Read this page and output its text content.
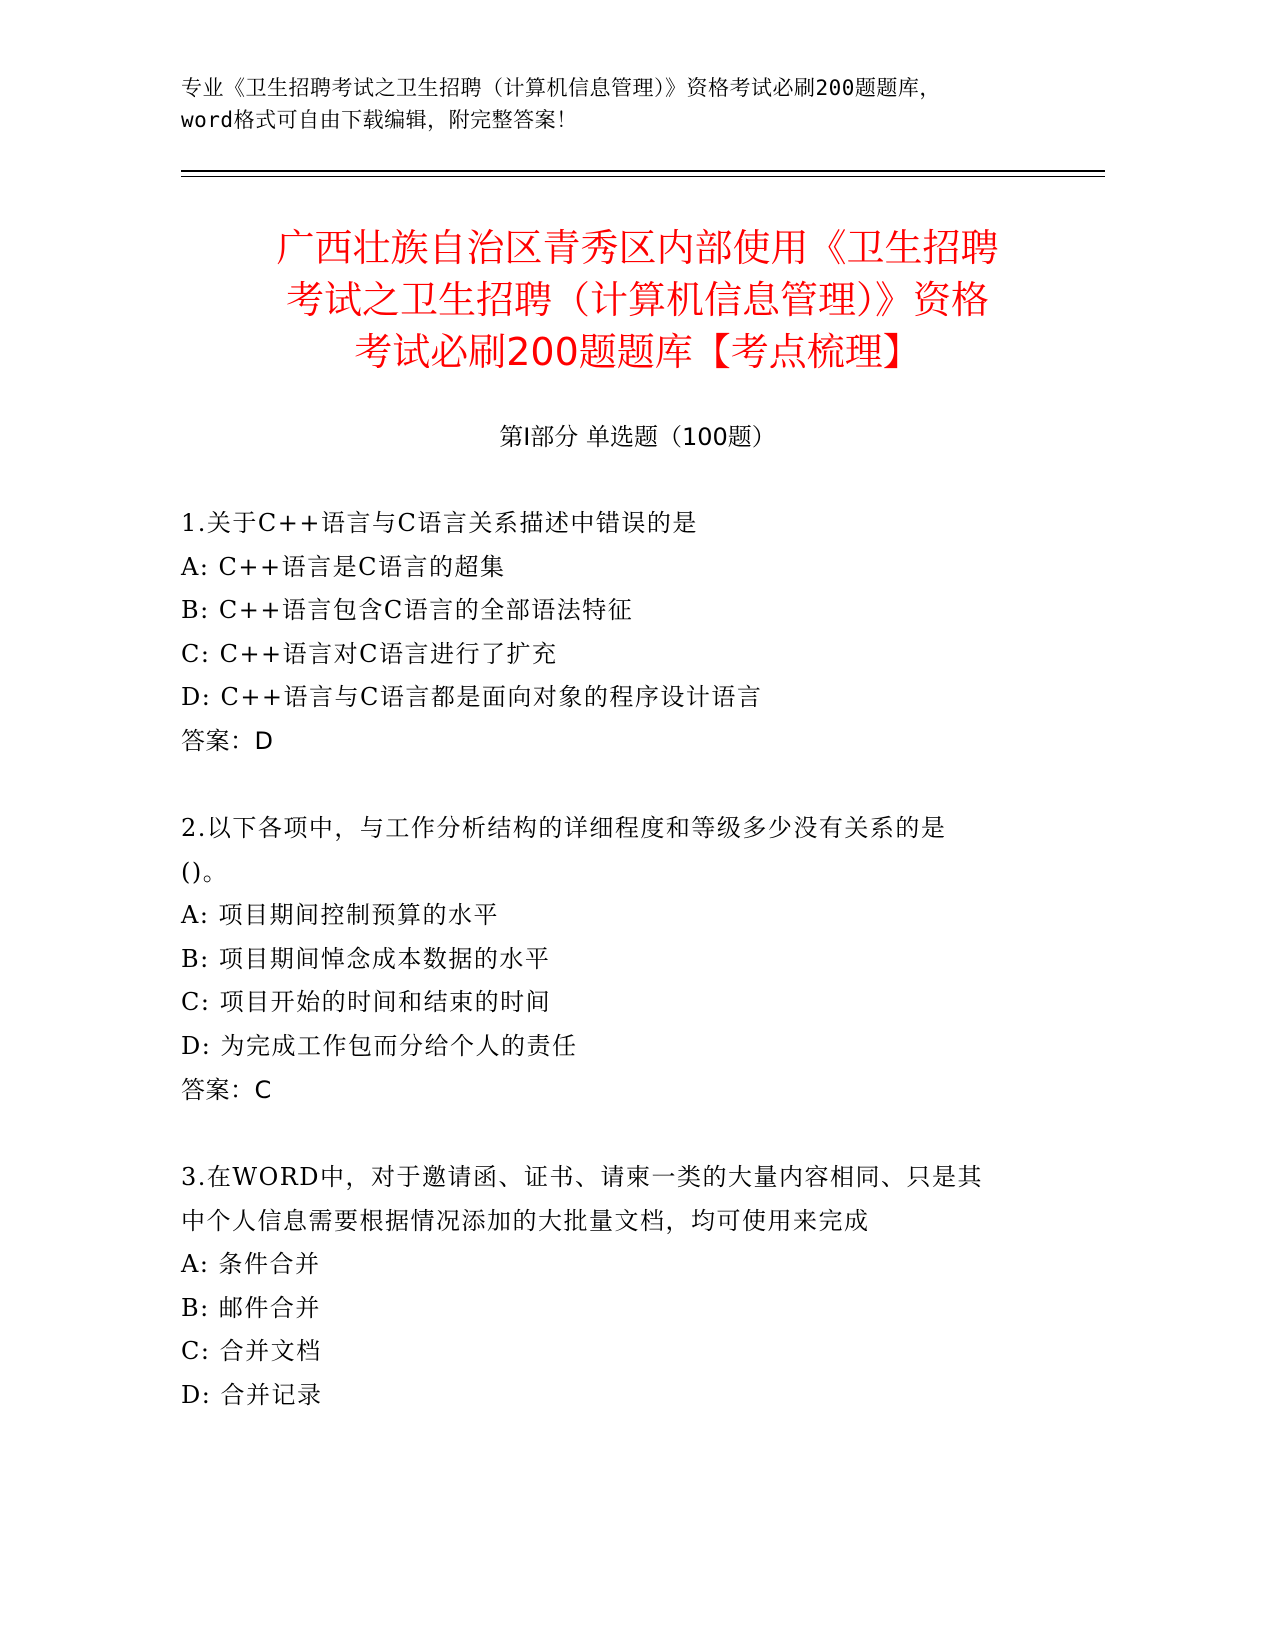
专业《卫生招聘考试之卫生招聘（计算机信息管理）》资格考试必刷200题题库，
word格式可自由下载编辑，附完整答案！
广西壮族自治区青秀区内部使用《卫生招聘
考试之卫生招聘（计算机信息管理）》资格
考试必刷200题题库【考点梳理】
第Ⅰ部分 单选题（100题）
1.关于C++语言与C语言关系描述中错误的是
A: C++语言是C语言的超集
B: C++语言包含C语言的全部语法特征
C: C++语言对C语言进行了扩充
D: C++语言与C语言都是面向对象的程序设计语言
答案：D
2.以下各项中，与工作分析结构的详细程度和等级多少没有关系的是
()。
A: 项目期间控制预算的水平
B: 项目期间悼念成本数据的水平
C: 项目开始的时间和结束的时间
D: 为完成工作包而分给个人的责任
答案：C
3.在WORD中，对于邀请函、证书、请柬一类的大量内容相同、只是其
中个人信息需要根据情况添加的大批量文档，均可使用来完成
A: 条件合并
B: 邮件合并
C: 合并文档
D: 合并记录
